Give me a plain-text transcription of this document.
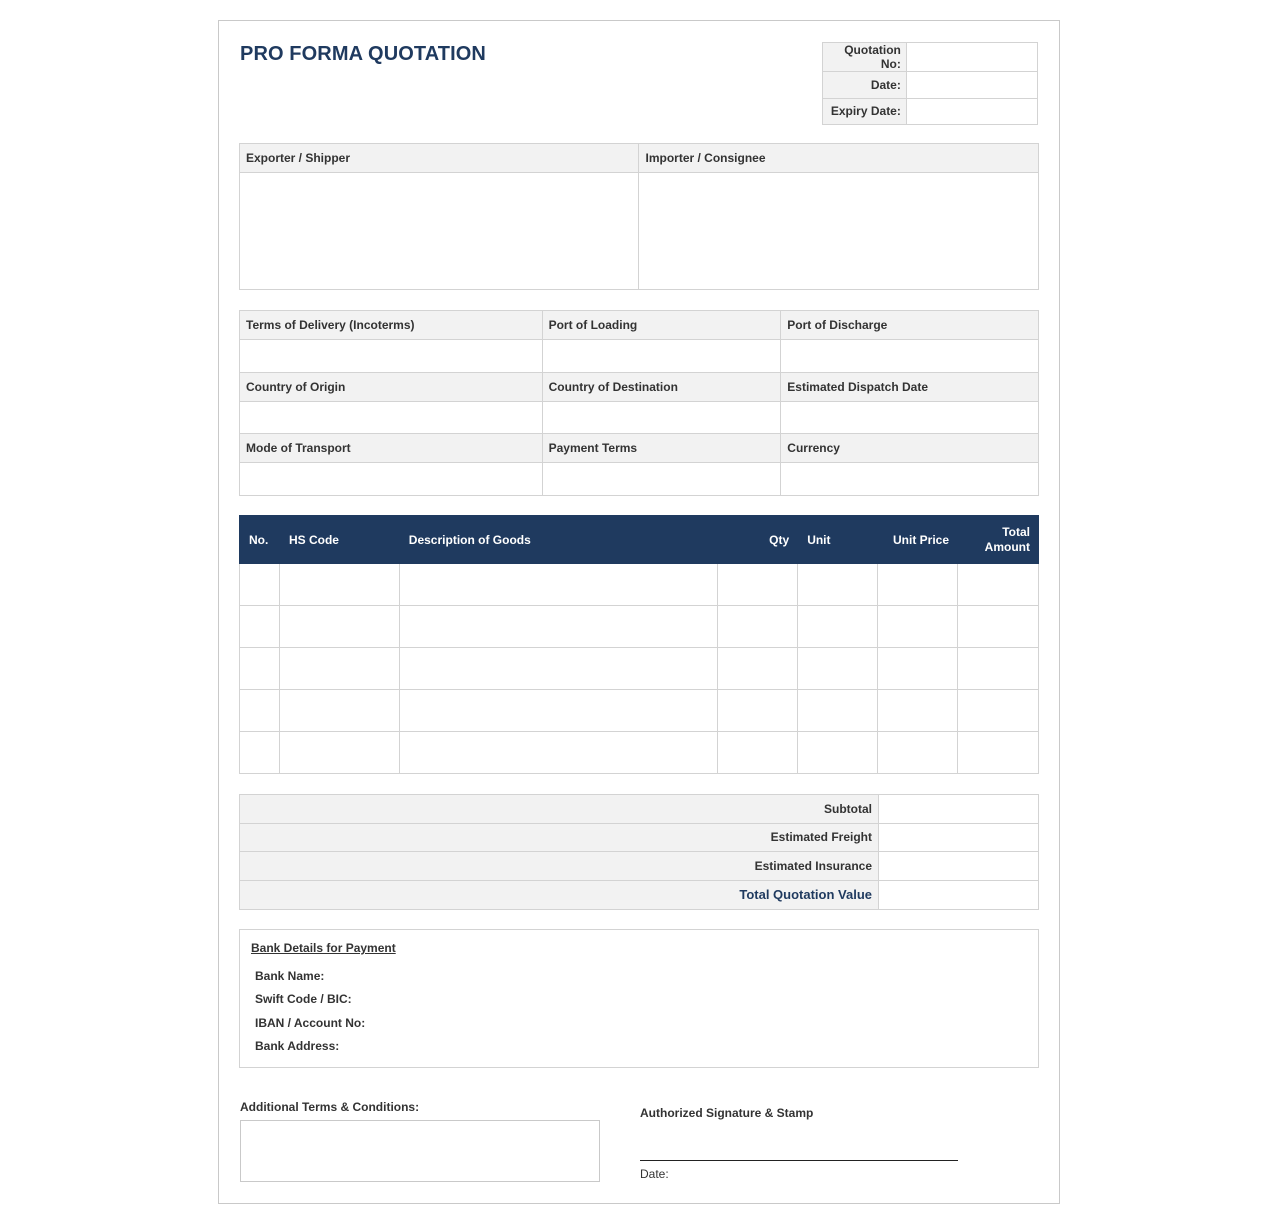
PRO FORMA QUOTATION	Quotation No:	
Date:	
Expiry Date:	
Exporter / Shipper	Importer / Consignee

Terms of Delivery (Incoterms)	Port of Loading	Port of Discharge

Country of Origin	Country of Destination	Estimated Dispatch Date

Mode of Transport	Payment Terms	Currency

No.	HS Code	Description of Goods	Qty	Unit	Unit Price	Total
Amount

Subtotal	
Estimated Freight	
Estimated Insurance	
Total Quotation Value	
Bank Details for Payment
Bank Name:
Swift Code / BIC:
IBAN / Account No:
Bank Address:
Additional Terms & Conditions:	Authorized Signature & Stamp
Date:
